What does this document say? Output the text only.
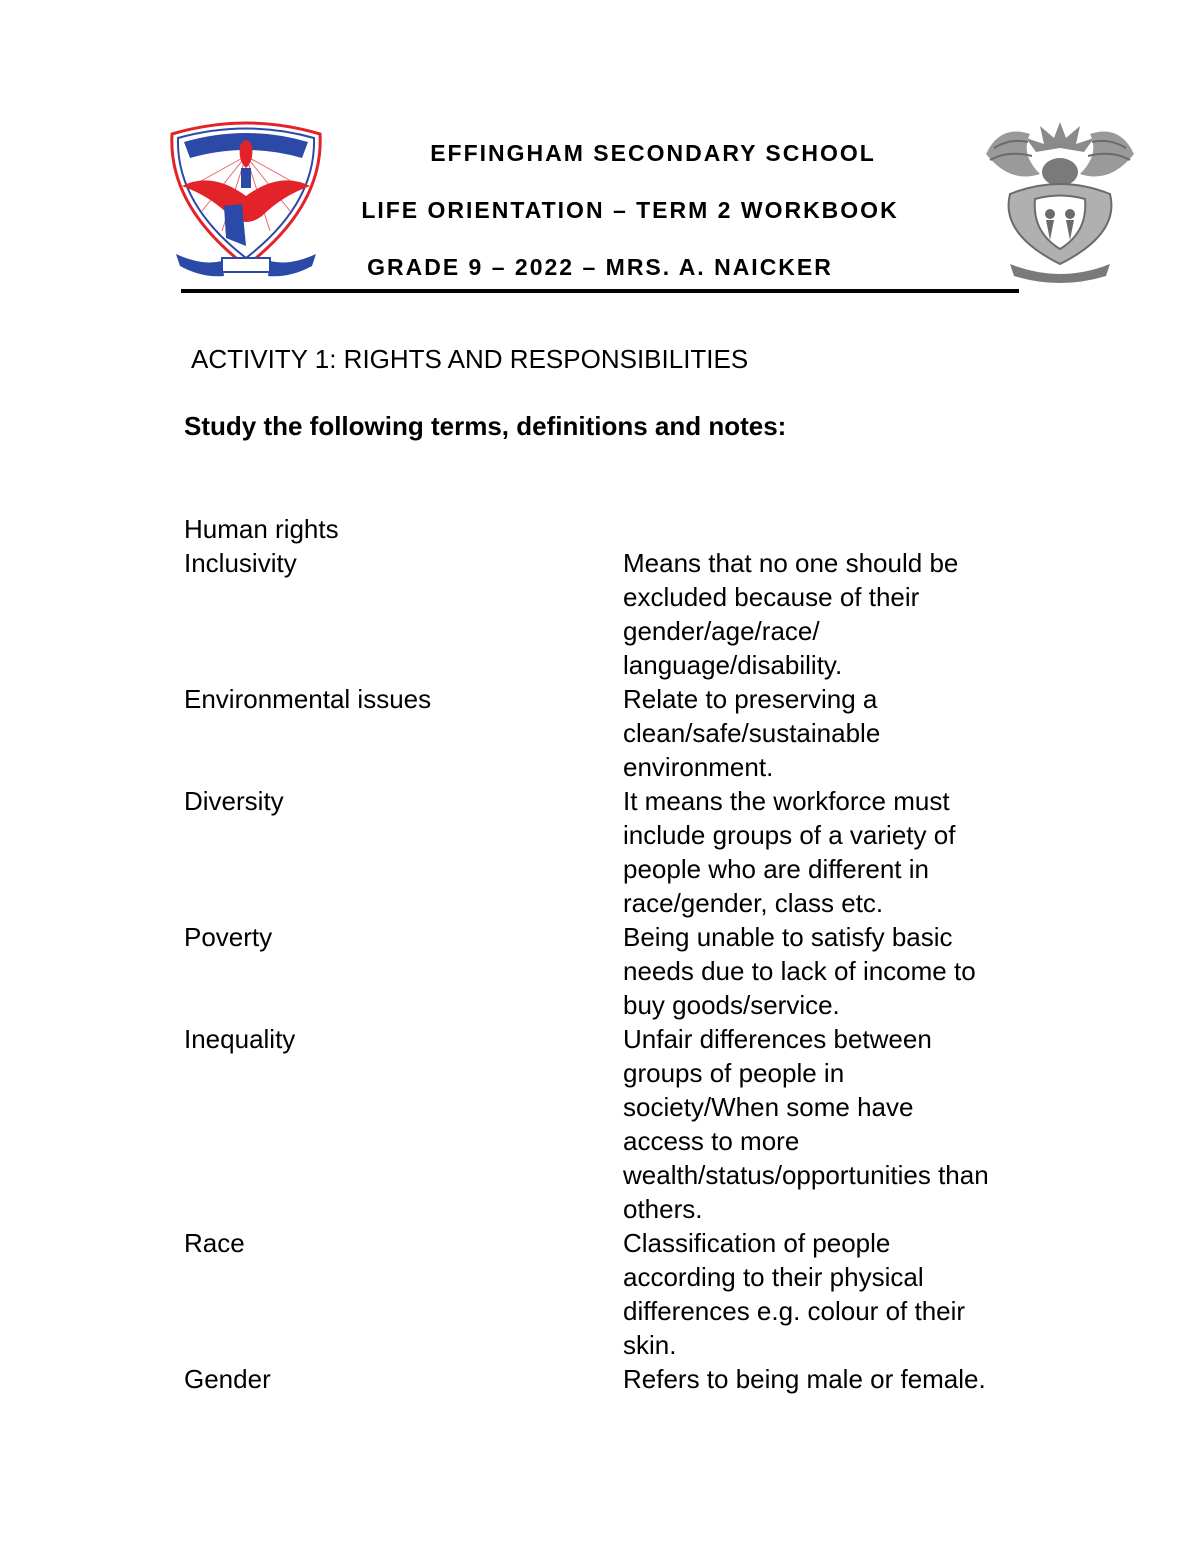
EFFINGHAM SECONDARY SCHOOL
LIFE ORIENTATION – TERM 2 WORKBOOK
GRADE 9 – 2022 – MRS. A. NAICKER
ACTIVITY 1: RIGHTS AND RESPONSIBILITIES
Study the following terms, definitions and notes:
Human rights
Inclusivity	Means that no one should be
excluded because of their
gender/age/race/
language/disability.
Environmental issues	Relate to preserving a
clean/safe/sustainable
environment.
Diversity	It means the workforce must
include groups of a variety of
people who are different in
race/gender, class etc.
Poverty	Being unable to satisfy basic
needs due to lack of income to
buy goods/service.
Inequality	Unfair differences between
groups of people in
society/When some have
access to more
wealth/status/opportunities than
others.
Race	Classification of people
according to their physical
differences e.g. colour of their
skin.
Gender	Refers to being male or female.
